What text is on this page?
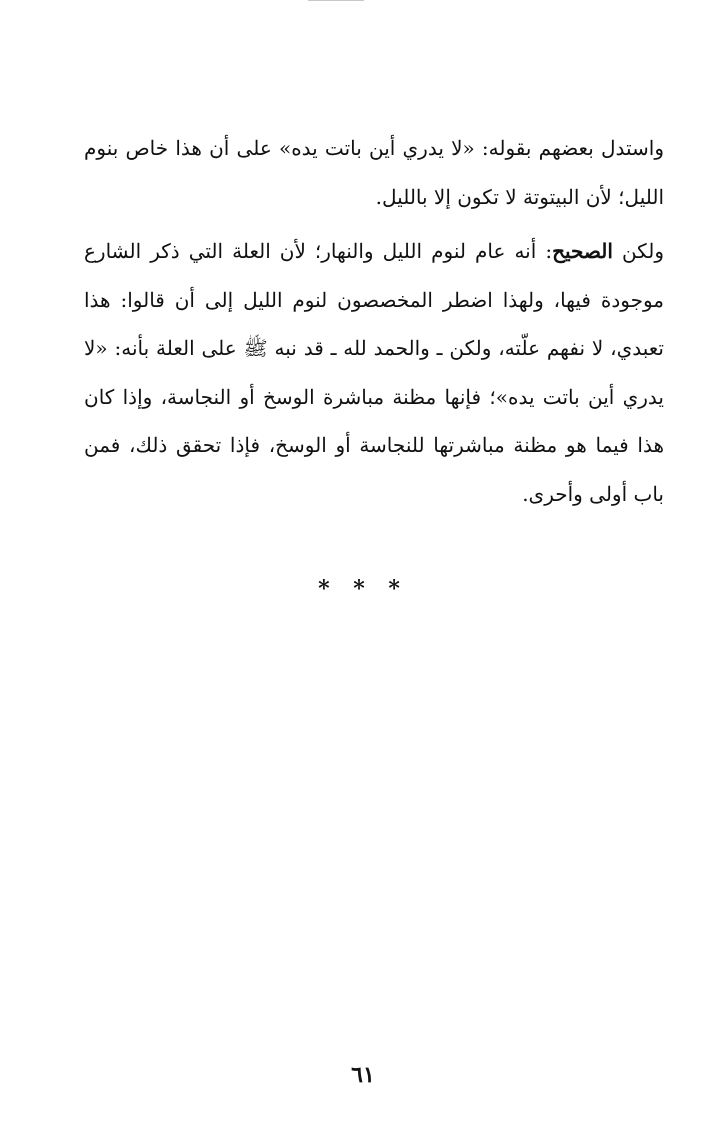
واستدل بعضهم بقوله: «لا يدري أين باتت يده» على أن هذا خاص بنوم الليل؛ لأن البيتوتة لا تكون إلا بالليل.

ولكن الصحيح: أنه عام لنوم الليل والنهار؛ لأن العلة التي ذكر الشارع موجودة فيها، ولهذا اضطر المخصصون لنوم الليل إلى أن قالوا: هذا تعبدي، لا نفهم علّته، ولكن ـ والحمد لله ـ قد نبه ﷺ على العلة بأنه: «لا يدري أين باتت يده»؛ فإنها مظنة مباشرة الوسخ أو النجاسة، وإذا كان هذا فيما هو مظنة مباشرتها للنجاسة أو الوسخ، فإذا تحقق ذلك، فمن باب أولى وأحرى.

* * *
٦١
